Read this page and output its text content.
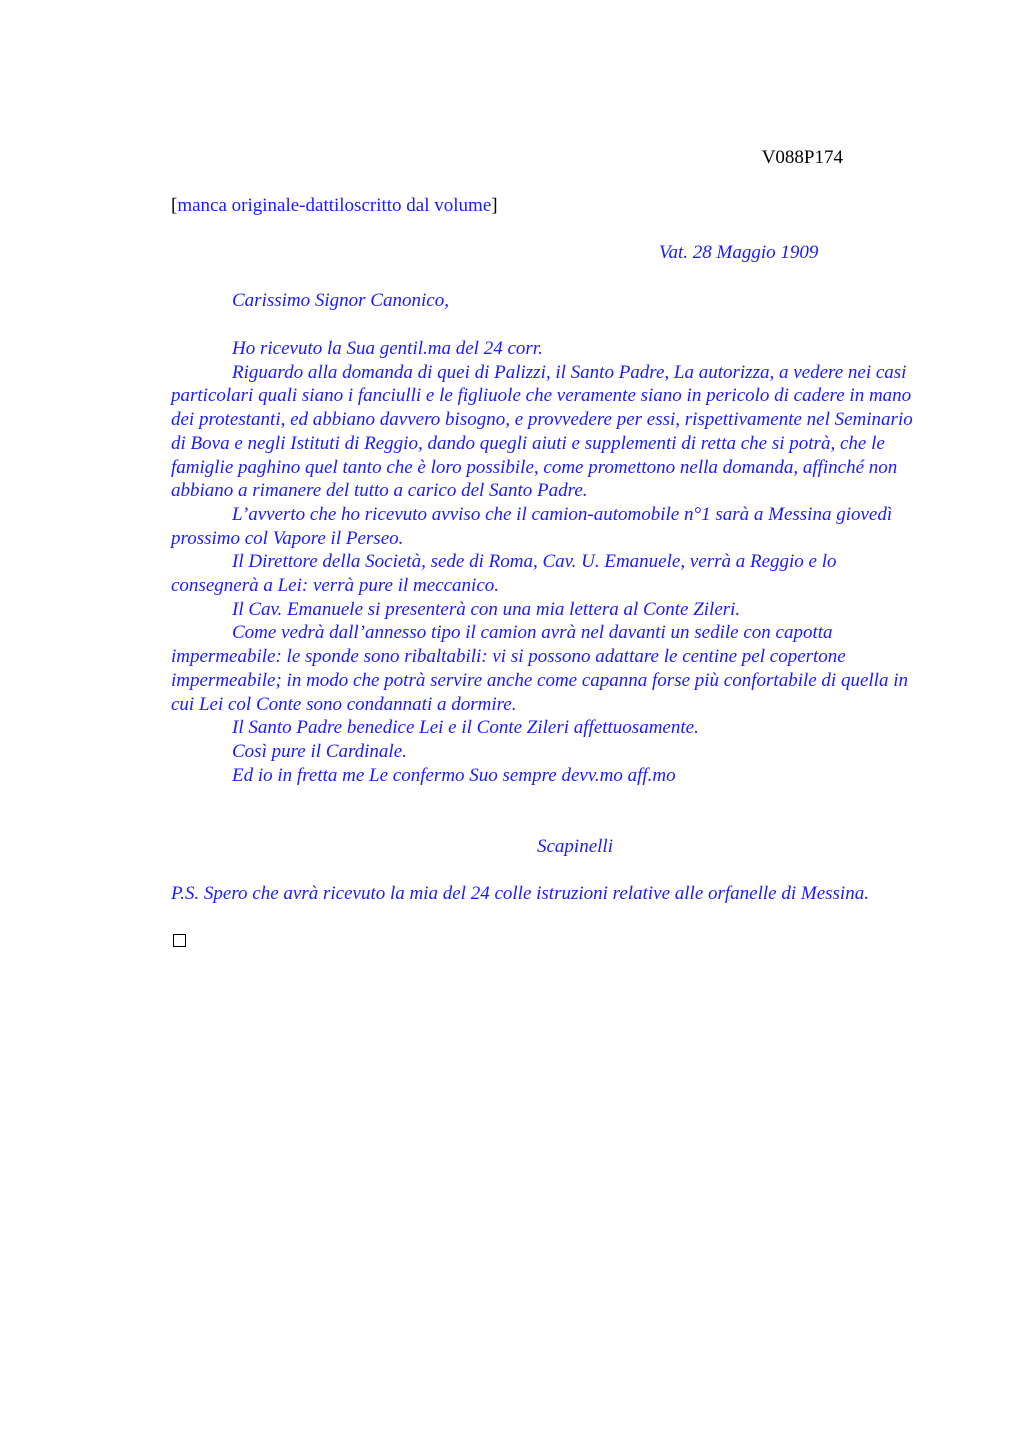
V088P174
[manca originale-dattiloscritto dal volume]
Vat. 28 Maggio 1909
Carissimo Signor Canonico,

Ho ricevuto la Sua gentil.ma del 24 corr.

Riguardo alla domanda di quei di Palizzi, il Santo Padre, La autorizza, a vedere nei casi particolari quali siano i fanciulli e le figliuole che veramente siano in pericolo di cadere in mano dei protestanti, ed abbiano davvero bisogno, e provvedere per essi, rispettivamente nel Seminario di Bova e negli Istituti di Reggio, dando quegli aiuti e supplementi di retta che si potrà, che le famiglie paghino quel tanto che è loro possibile, come promettono nella domanda, affinché non abbiano a rimanere del tutto a carico del Santo Padre.

L’avverto che ho ricevuto avviso che il camion-automobile n°1 sarà a Messina giovedì prossimo col Vapore il Perseo.

Il Direttore della Società, sede di Roma, Cav. U. Emanuele, verrà a Reggio e lo consegnerà a Lei: verrà pure il meccanico.

Il Cav. Emanuele si presenterà con una mia lettera al Conte Zileri.

Come vedrà dall’annesso tipo il camion avrà nel davanti un sedile con capotta impermeabile: le sponde sono ribaltabili: vi si possono adattare le centine pel copertone impermeabile; in modo che potrà servire anche come capanna forse più confortabile di quella in cui Lei col Conte sono condannati a dormire.

Il Santo Padre benedice Lei e il Conte Zileri affettuosamente.

Così pure il Cardinale.

Ed io in fretta me Le confermo Suo sempre devv.mo aff.mo

Scapinelli
P.S. Spero che avrà ricevuto la mia del 24 colle istruzioni relative alle orfanelle di Messina.
